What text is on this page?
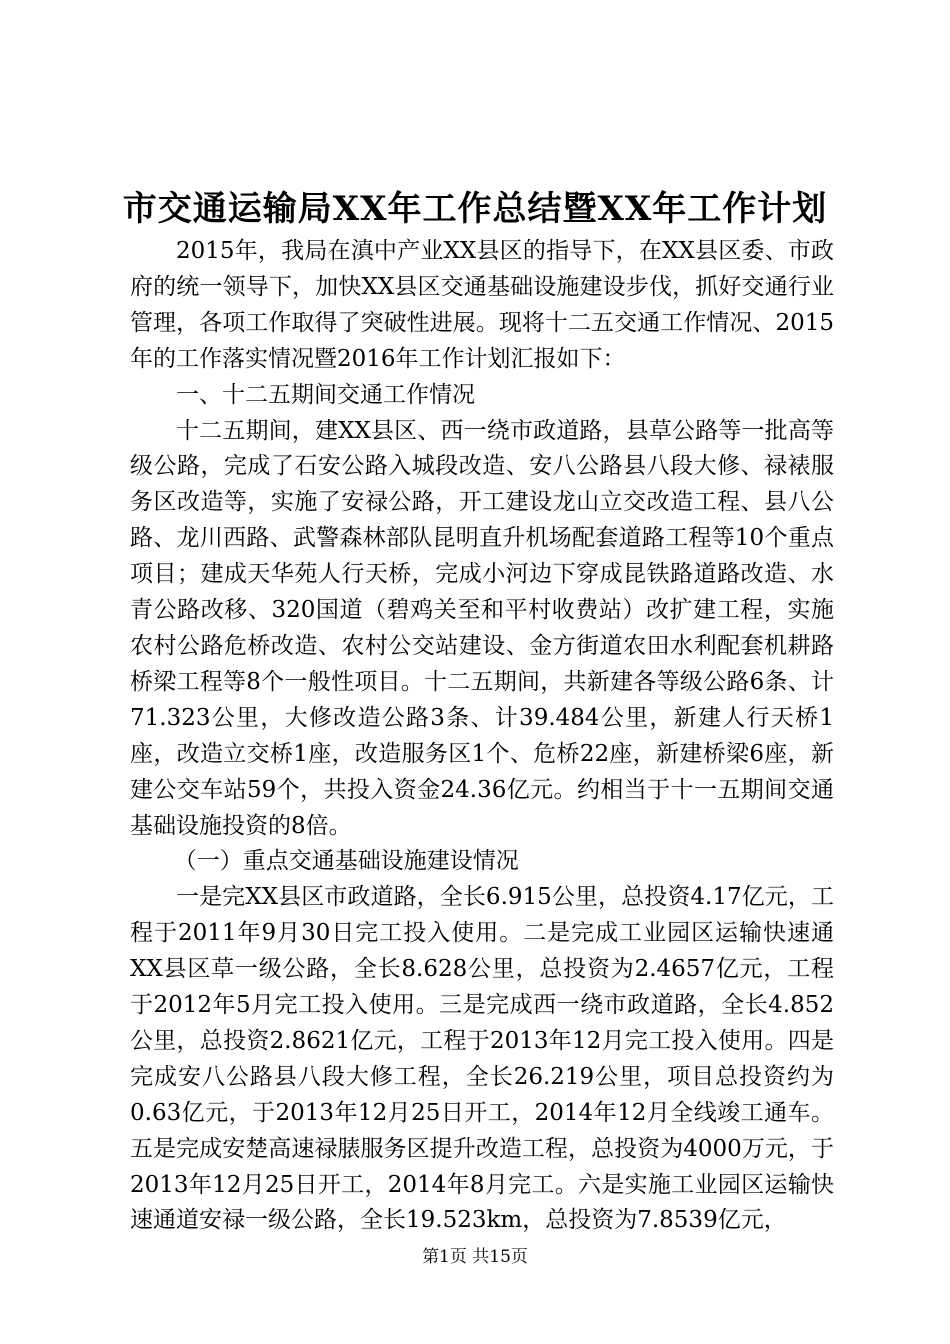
市交通运输局XX年工作总结暨XX年工作计划

2015年，我局在滇中产业XX县区的指导下，在XX县区委、市政府的统一领导下，加快XX县区交通基础设施建设步伐，抓好交通行业管理，各项工作取得了突破性进展。现将十二五交通工作情况、2015年的工作落实情况暨2016年工作计划汇报如下：

一、十二五期间交通工作情况

十二五期间，建XX县区、西一绕市政道路，县草公路等一批高等级公路，完成了石安公路入城段改造、安八公路县八段大修、禄裱服务区改造等，实施了安禄公路，开工建设龙山立交改造工程、县八公路、龙川西路、武警森林部队昆明直升机场配套道路工程等10个重点项目；建成天华苑人行天桥，完成小河边下穿成昆铁路道路改造、水青公路改移、320国道（碧鸡关至和平村收费站）改扩建工程，实施农村公路危桥改造、农村公交站建设、金方街道农田水利配套机耕路桥梁工程等8个一般性项目。十二五期间，共新建各等级公路6条、计71.323公里，大修改造公路3条、计39.484公里，新建人行天桥1座，改造立交桥1座，改造服务区1个、危桥22座，新建桥梁6座，新建公交车站59个，共投入资金24.36亿元。约相当于十一五期间交通基础设施投资的8倍。

（一）重点交通基础设施建设情况

一是完XX县区市政道路，全长6.915公里，总投资4.17亿元，工程于2011年9月30日完工投入使用。二是完成工业园区运输快速通XX县区草一级公路，全长8.628公里，总投资为2.4657亿元，工程于2012年5月完工投入使用。三是完成西一绕市政道路，全长4.852公里，总投资2.8621亿元，工程于2013年12月完工投入使用。四是完成安八公路县八段大修工程，全长26.219公里，项目总投资约为0.63亿元，于2013年12月25日开工，2014年12月全线竣工通车。五是完成安楚高速禄脿服务区提升改造工程，总投资为4000万元，于2013年12月25日开工，2014年8月完工。六是实施工业园区运输快速通道安禄一级公路，全长19.523km，总投资为7.8539亿元，

第1页 共15页
